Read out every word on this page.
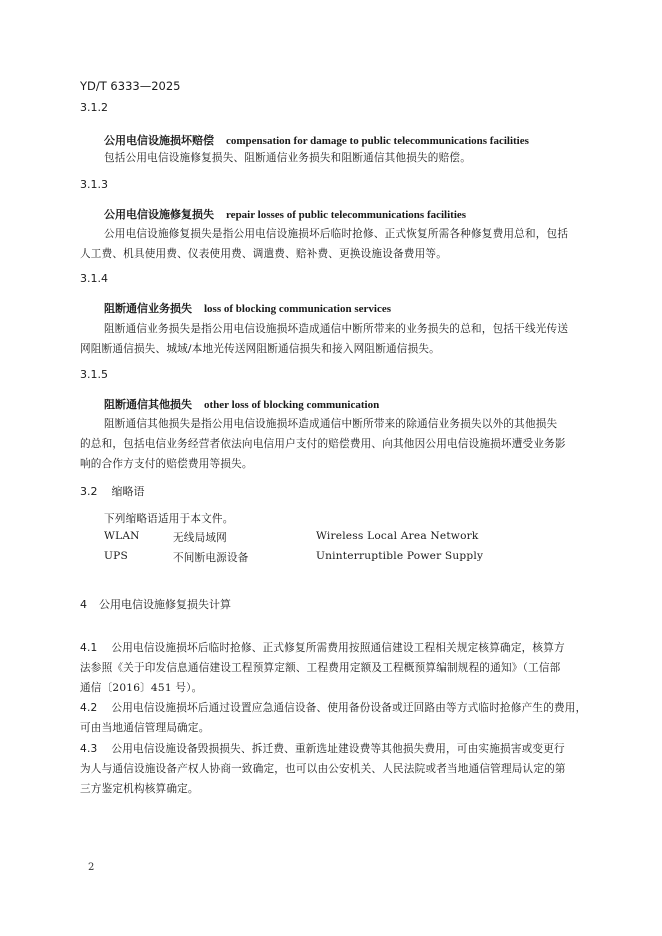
YD/T 6333—2025
3.1.2
公用电信设施损坏赔偿 compensation for damage to public telecommunications facilities
包括公用电信设施修复损失、阻断通信业务损失和阻断通信其他损失的赔偿。
3.1.3
公用电信设施修复损失 repair losses of public telecommunications facilities
公用电信设施修复损失是指公用电信设施损坏后临时抢修、正式恢复所需各种修复费用总和，包括
人工费、机具使用费、仪表使用费、调遣费、赔补费、更换设施设备费用等。
3.1.4
阻断通信业务损失 loss of blocking communication services
阻断通信业务损失是指公用电信设施损坏造成通信中断所带来的业务损失的总和，包括干线光传送
网阻断通信损失、城域/本地光传送网阻断通信损失和接入网阻断通信损失。
3.1.5
阻断通信其他损失 other loss of blocking communication
阻断通信其他损失是指公用电信设施损坏造成通信中断所带来的除通信业务损失以外的其他损失
的总和，包括电信业务经营者依法向电信用户支付的赔偿费用、向其他因公用电信设施损坏遭受业务影
响的合作方支付的赔偿费用等损失。
3.2 缩略语
下列缩略语适用于本文件。
WLAN	无线局域网	Wireless Local Area Network
UPS	不间断电源设备	Uninterruptible Power Supply
4 公用电信设施修复损失计算
4.1 公用电信设施损坏后临时抢修、正式修复所需费用按照通信建设工程相关规定核算确定，核算方
法参照《关于印发信息通信建设工程预算定额、工程费用定额及工程概预算编制规程的通知》（工信部
通信〔2016〕451 号）。
4.2 公用电信设施损坏后通过设置应急通信设备、使用备份设备或迂回路由等方式临时抢修产生的费用，
可由当地通信管理局确定。
4.3 公用电信设施设备毁损损失、拆迁费、重新选址建设费等其他损失费用，可由实施损害或变更行
为人与通信设施设备产权人协商一致确定，也可以由公安机关、人民法院或者当地通信管理局认定的第
三方鉴定机构核算确定。
2
